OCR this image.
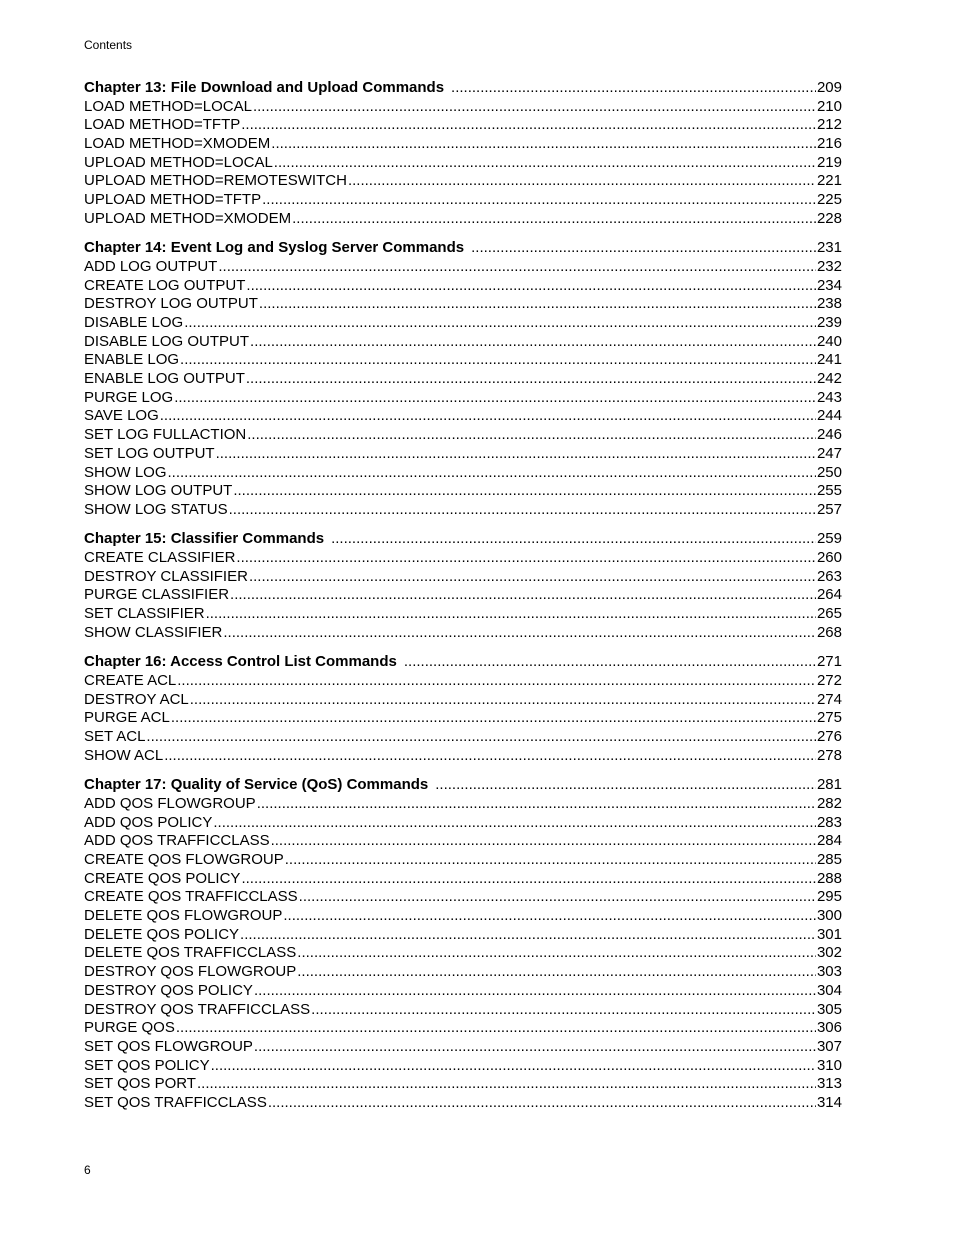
Contents
Chapter 13: File Download and Upload Commands .....	209
LOAD METHOD=LOCAL .....	210
LOAD METHOD=TFTP .....	212
LOAD METHOD=XMODEM .....	216
UPLOAD METHOD=LOCAL .....	219
UPLOAD METHOD=REMOTESWITCH .....	221
UPLOAD METHOD=TFTP .....	225
UPLOAD METHOD=XMODEM .....	228
Chapter 14: Event Log and Syslog Server Commands .....	231
ADD LOG OUTPUT .....	232
CREATE LOG OUTPUT .....	234
DESTROY LOG OUTPUT .....	238
DISABLE LOG .....	239
DISABLE LOG OUTPUT .....	240
ENABLE LOG .....	241
ENABLE LOG OUTPUT .....	242
PURGE LOG .....	243
SAVE LOG .....	244
SET LOG FULLACTION .....	246
SET LOG OUTPUT .....	247
SHOW LOG .....	250
SHOW LOG OUTPUT .....	255
SHOW LOG STATUS .....	257
Chapter 15: Classifier Commands .....	259
CREATE CLASSIFIER .....	260
DESTROY CLASSIFIER .....	263
PURGE CLASSIFIER .....	264
SET CLASSIFIER .....	265
SHOW CLASSIFIER .....	268
Chapter 16: Access Control List Commands .....	271
CREATE ACL .....	272
DESTROY ACL .....	274
PURGE ACL .....	275
SET ACL .....	276
SHOW ACL .....	278
Chapter 17: Quality of Service (QoS) Commands .....	281
ADD QOS FLOWGROUP .....	282
ADD QOS POLICY .....	283
ADD QOS TRAFFICCLASS .....	284
CREATE QOS FLOWGROUP .....	285
CREATE QOS POLICY .....	288
CREATE QOS TRAFFICCLASS .....	295
DELETE QOS FLOWGROUP .....	300
DELETE QOS POLICY .....	301
DELETE QOS TRAFFICCLASS .....	302
DESTROY QOS FLOWGROUP .....	303
DESTROY QOS POLICY .....	304
DESTROY QOS TRAFFICCLASS .....	305
PURGE QOS .....	306
SET QOS FLOWGROUP .....	307
SET QOS POLICY .....	310
SET QOS PORT .....	313
SET QOS TRAFFICCLASS .....	314
6
